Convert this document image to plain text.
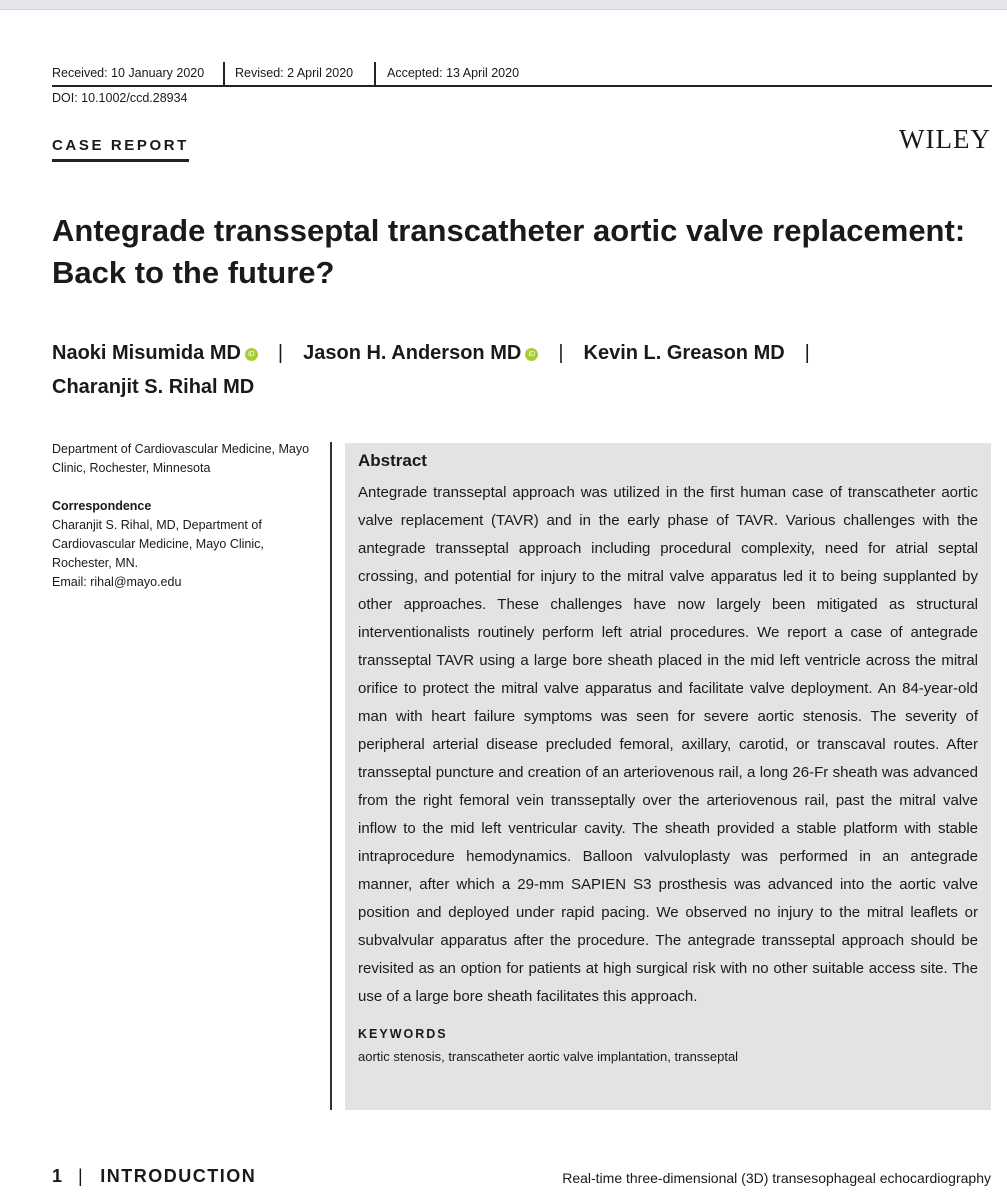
Received: 10 January 2020 Revised: 2 April 2020	Accepted: 13 April 2020
DOI: 10.1002/ccd.28934
CASE REPORT	WILEY
Antegrade transseptal transcatheter aortic valve replacement:
Back to the future?
Naoki Misumida MD iD | Jason H. Anderson MD iD | Kevin L. Greason MD |
Charanjit S. Rihal MD
Department of Cardiovascular Medicine, Mayo Clinic, Rochester, Minnesota
Correspondence
Charanjit S. Rihal, MD, Department of Cardiovascular Medicine, Mayo Clinic, Rochester, MN.
Email: rihal@mayo.edu
Abstract

Antegrade transseptal approach was utilized in the first human case of transcatheter aortic valve replacement (TAVR) and in the early phase of TAVR. Various challenges with the antegrade transseptal approach including procedural complexity, need for atrial septal crossing, and potential for injury to the mitral valve apparatus led it to being supplanted by other approaches. These challenges have now largely been mitigated as structural interventionalists routinely perform left atrial procedures. We report a case of antegrade transseptal TAVR using a large bore sheath placed in the mid left ventricle across the mitral orifice to protect the mitral valve apparatus and facilitate valve deployment. An 84-year-old man with heart failure symptoms was seen for severe aortic stenosis. The severity of peripheral arterial disease precluded femoral, axillary, carotid, or transcaval routes. After transseptal puncture and creation of an arteriovenous rail, a long 26-Fr sheath was advanced from the right femoral vein transseptally over the arteriovenous rail, past the mitral valve inflow to the mid left ventricular cavity. The sheath provided a stable platform with stable intraprocedure hemodynamics. Balloon valvuloplasty was performed in an antegrade manner, after which a 29-mm SAPIEN S3 prosthesis was advanced into the aortic valve position and deployed under rapid pacing. We observed no injury to the mitral leaflets or subvalvular apparatus after the procedure. The antegrade transseptal approach should be revisited as an option for patients at high surgical risk with no other suitable access site. The use of a large bore sheath facilitates this approach.

KEYWORDS
aortic stenosis, transcatheter aortic valve implantation, transseptal
1 | INTRODUCTION	Real-time three-dimensional (3D) transesophageal echocardiography
